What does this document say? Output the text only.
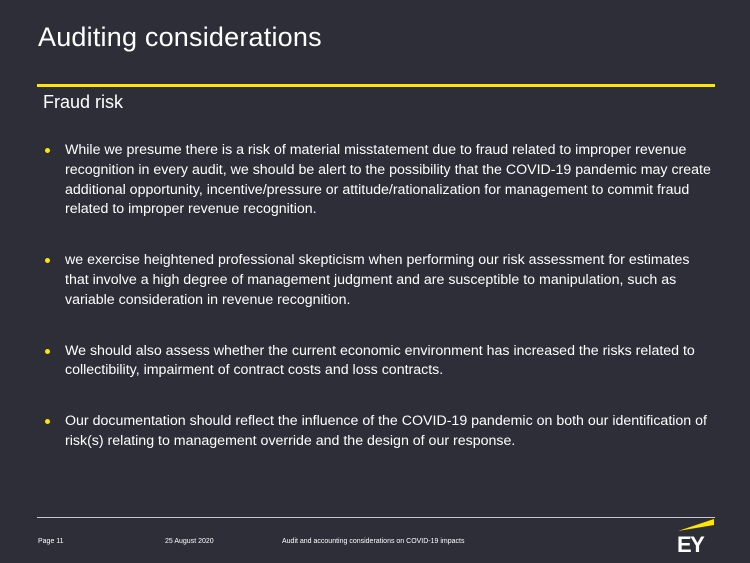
Auditing considerations
Fraud risk
While we presume there is a risk of material misstatement due to fraud related to improper revenue recognition in every audit, we should be alert to the possibility that the COVID-19 pandemic may create additional opportunity, incentive/pressure or attitude/rationalization for management to commit fraud related to improper revenue recognition.
we exercise heightened professional skepticism when performing our risk assessment for estimates that involve a high degree of management judgment and are susceptible to manipulation, such as variable consideration in revenue recognition.
We should also assess whether the current economic environment has increased the risks related to collectibility, impairment of contract costs and loss contracts.
Our documentation should reflect the influence of the COVID-19 pandemic on both our identification of risk(s) relating to management override and the design of our response.
Page 11	25 August 2020	Audit and accounting considerations on COVID-19 impacts	EY
